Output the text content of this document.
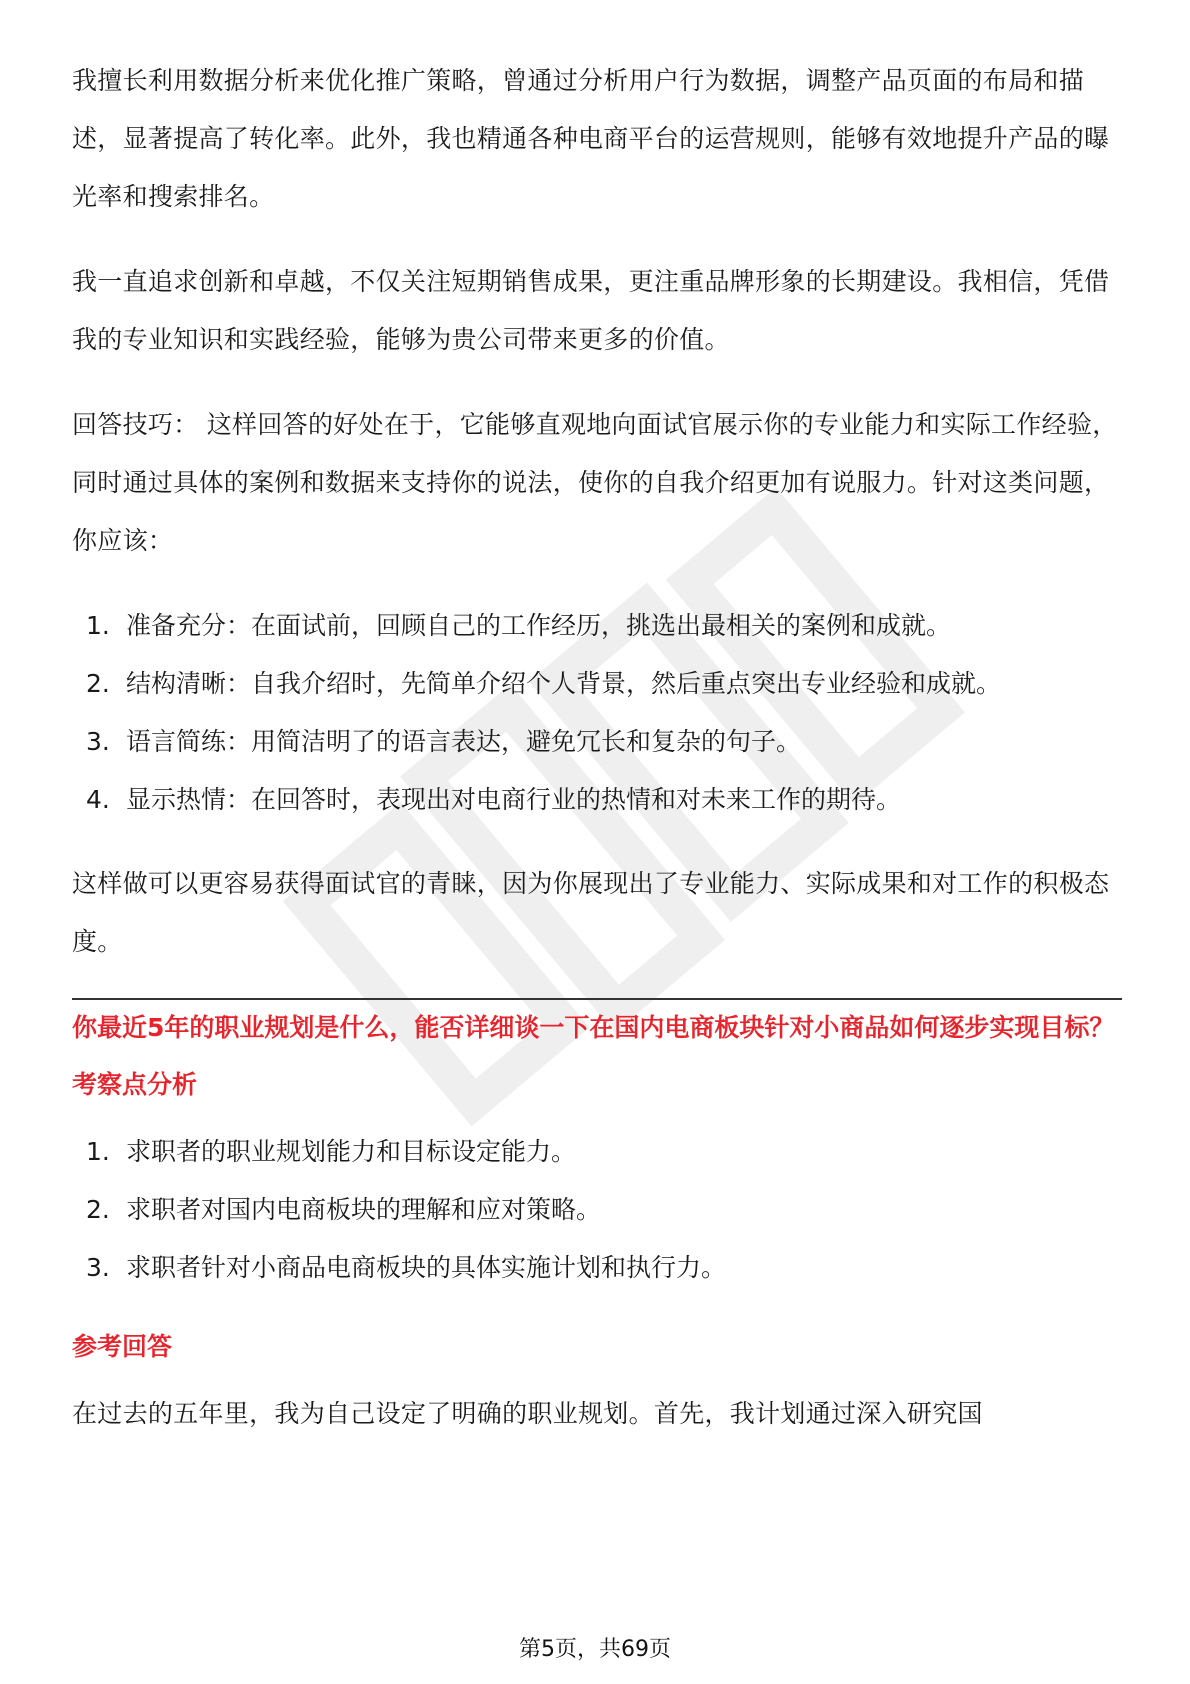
我擅长利用数据分析来优化推广策略，曾通过分析用户行为数据，调整产品页面的布局和描述，显著提高了转化率。此外，我也精通各种电商平台的运营规则，能够有效地提升产品的曝光率和搜索排名。

我一直追求创新和卓越，不仅关注短期销售成果，更注重品牌形象的长期建设。我相信，凭借我的专业知识和实践经验，能够为贵公司带来更多的价值。

回答技巧： 这样回答的好处在于，它能够直观地向面试官展示你的专业能力和实际工作经验，同时通过具体的案例和数据来支持你的说法，使你的自我介绍更加有说服力。针对这类问题，你应该：

1. 准备充分：在面试前，回顾自己的工作经历，挑选出最相关的案例和成就。
2. 结构清晰：自我介绍时，先简单介绍个人背景，然后重点突出专业经验和成就。
3. 语言简练：用简洁明了的语言表达，避免冗长和复杂的句子。
4. 显示热情：在回答时，表现出对电商行业的热情和对未来工作的期待。

这样做可以更容易获得面试官的青睐，因为你展现出了专业能力、实际成果和对工作的积极态度。

你最近5年的职业规划是什么，能否详细谈一下在国内电商板块针对小商品如何逐步实现目标？
考察点分析
1. 求职者的职业规划能力和目标设定能力。
2. 求职者对国内电商板块的理解和应对策略。
3. 求职者针对小商品电商板块的具体实施计划和执行力。
参考回答

在过去的五年里，我为自己设定了明确的职业规划。首先，我计划通过深入研究国

第5页，共69页
